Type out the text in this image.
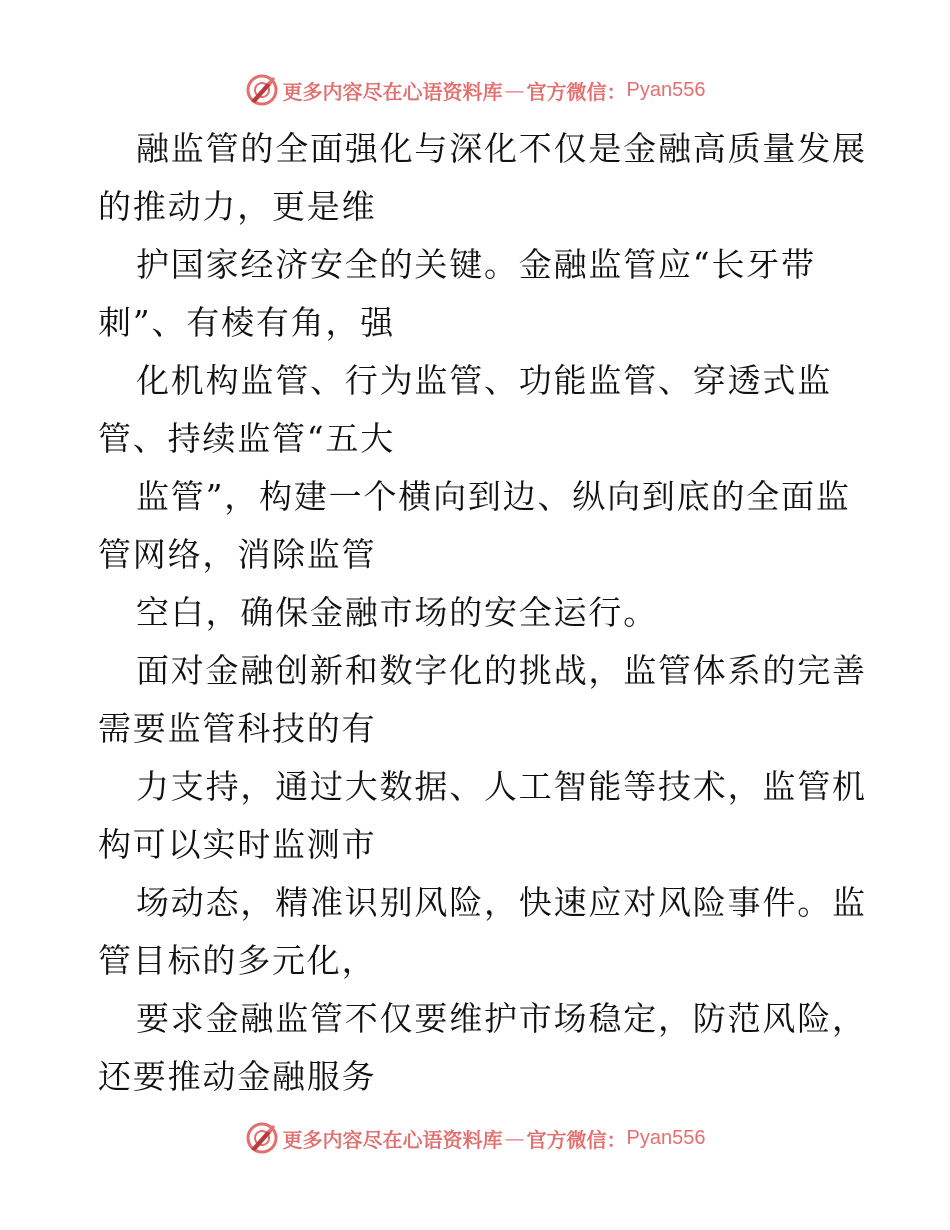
更多内容尽在心语资料库 — 官方微信： Pyan556
融监管的全面强化与深化不仅是金融高质量发展
的推动力，更是维
护国家经济安全的关键。金融监管应“长牙带
刺”、有棱有角，强
化机构监管、行为监管、功能监管、穿透式监
管、持续监管“五大
监管”，构建一个横向到边、纵向到底的全面监
管网络，消除监管
空白，确保金融市场的安全运行。
面对金融创新和数字化的挑战，监管体系的完善
需要监管科技的有
力支持，通过大数据、人工智能等技术，监管机
构可以实时监测市
场动态，精准识别风险，快速应对风险事件。监
管目标的多元化，
要求金融监管不仅要维护市场稳定，防范风险，
还要推动金融服务
更多内容尽在心语资料库 — 官方微信： Pyan556
